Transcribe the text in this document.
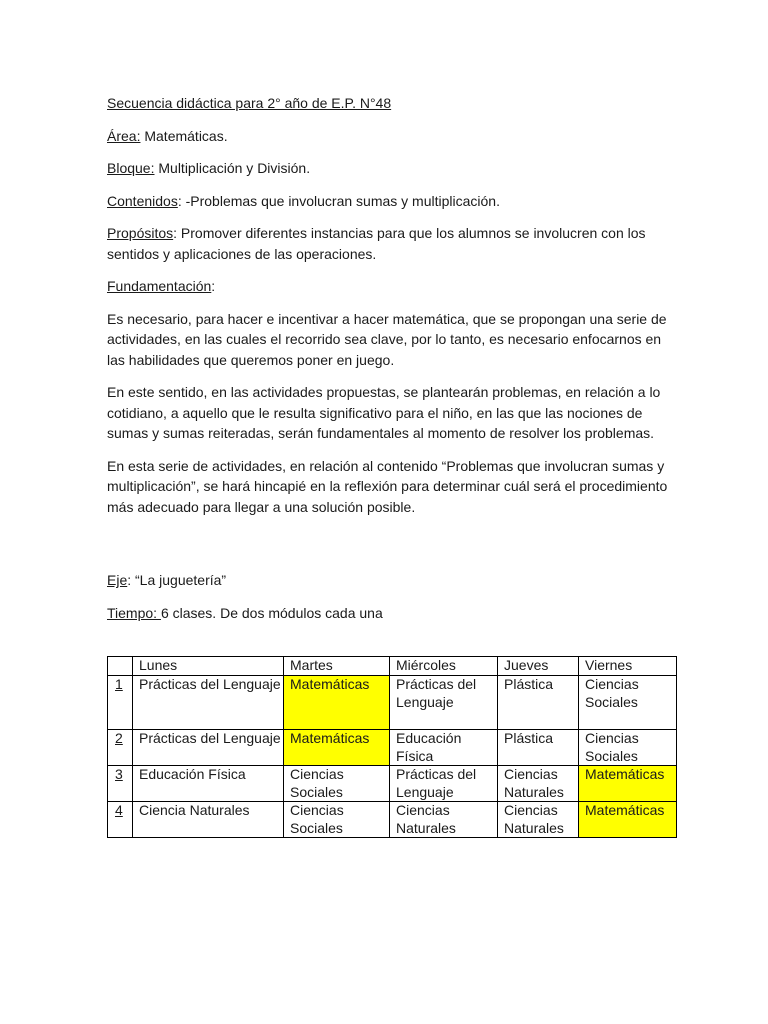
Secuencia didáctica para 2° año de E.P. N°48

Área: Matemáticas.

Bloque: Multiplicación y División.

Contenidos: -Problemas que involucran sumas y multiplicación.

Propósitos: Promover diferentes instancias para que los alumnos se involucren con los sentidos y aplicaciones de las operaciones.

Fundamentación:

Es necesario, para hacer e incentivar a hacer matemática, que se propongan una serie de actividades, en las cuales el recorrido sea clave, por lo tanto, es necesario enfocarnos en las habilidades que queremos poner en juego.

En este sentido, en las actividades propuestas, se plantearán problemas, en relación a lo cotidiano, a aquello que le resulta significativo para el niño, en las que las nociones de sumas y sumas reiteradas, serán fundamentales al momento de resolver los problemas.

En esta serie de actividades, en relación al contenido “Problemas que involucran sumas y multiplicación”, se hará hincapié en la reflexión para determinar cuál será el procedimiento más adecuado para llegar a una solución posible.

Eje: “La juguetería”

Tiempo: 6 clases. De dos módulos cada una

	Lunes	Martes	Miércoles	Jueves	Viernes
1	Prácticas del Lenguaje	Matemáticas	Prácticas del Lenguaje	Plástica	Ciencias Sociales
2	Prácticas del Lenguaje	Matemáticas	Educación Física	Plástica	Ciencias Sociales
3	Educación Física	Ciencias Sociales	Prácticas del Lenguaje	Ciencias Naturales	Matemáticas
4	Ciencia Naturales	Ciencias Sociales	Ciencias Naturales	Ciencias Naturales	Matemáticas
